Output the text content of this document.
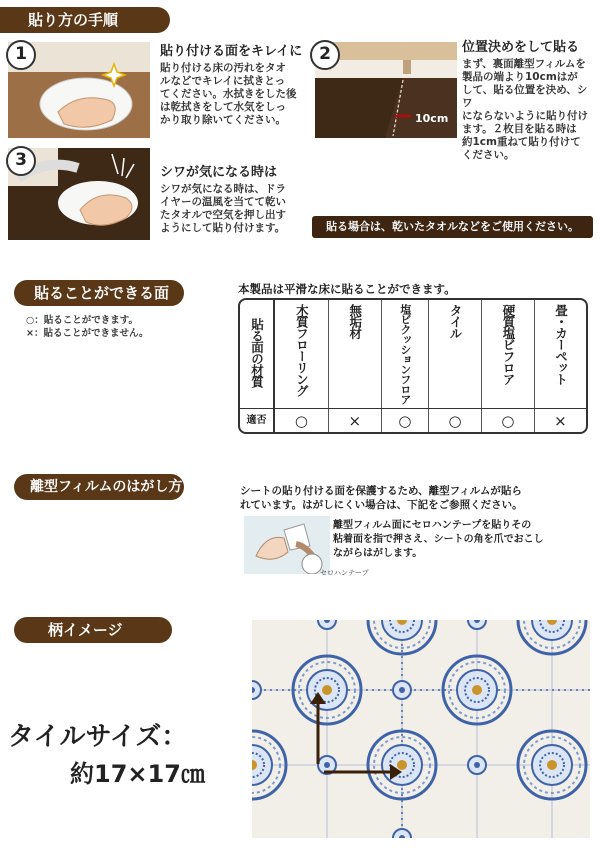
貼り方の手順
1	貼り付ける面をキレイに
貼り付ける床の汚れをタオ
ルなどでキレイに拭きとっ
てください。水拭きをした後
は乾拭きをして水気をしっ
かり取り除いてください。	10cm
2	位置決めをして貼る
まず、裏面離型フィルムを
製品の端より10cmはが
して、貼る位置を決め、シワ
にならないように貼り付け
ます。２枚目を貼る時は
約1cm重ねて貼り付けて
ください。
3
シワが気になる時は
シワが気になる時は、ドラ
イヤーの温風を当てて乾い
たタオルで空気を押し出す
ようにして貼り付けます。	貼る場合は、乾いたタオルなどをご使用ください。
貼ることができる面
○：貼ることができます。
×：貼ることができません。
本製品は平滑な床に貼ることができます。
貼る面の材質	木質フローリング	無垢材	塩ビクッションフロア	タイル	硬質塩ビフロア	畳・カーペット

適否	○	×	○	○	○	×
離型フィルムのはがし方	シートの貼り付ける面を保護するため、離型フィルムが貼ら
れています。はがしにくい場合は、下記をご参照ください。
セロハンテープ
離型フィルム面にセロハンテープを貼りその
粘着面を指で押さえ、シートの角を爪でおこし
ながらはがします。
柄イメージ
タイルサイズ：
約17×17㎝
